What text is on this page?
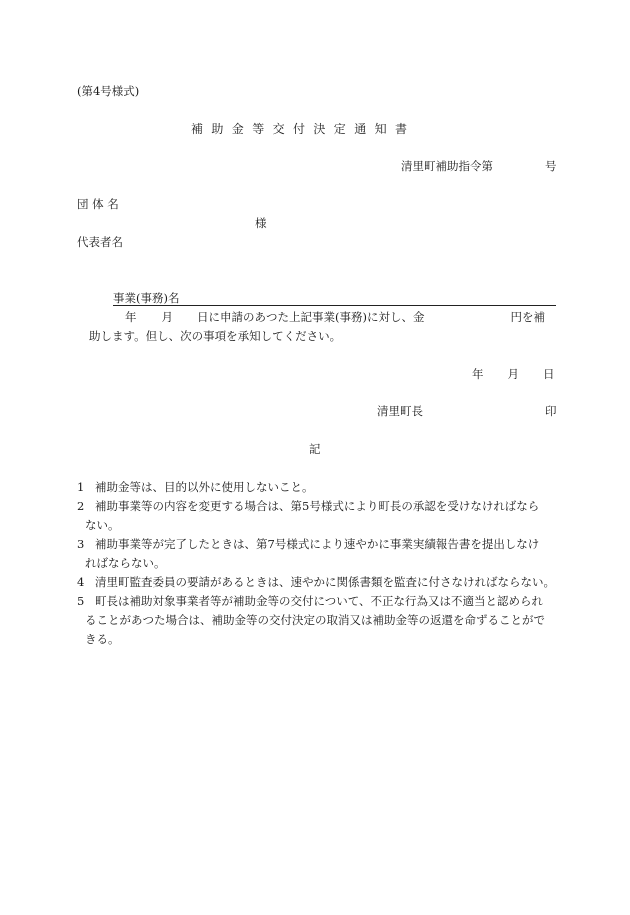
(第4号様式)
補助金等交付決定通知書
清里町補助指令第	号
団 体 名
様
代表者名
事業(事務)名
年 月 日に申請のあつた上記事業(事務)に対し、金	円を補
助します。但し、次の事項を承知してください。
年 月 日
清里町長	印
記
1 補助金等は、目的以外に使用しないこと。
2 補助事業等の内容を変更する場合は、第5号様式により町長の承認を受けなければなら
ない。
3 補助事業等が完了したときは、第7号様式により速やかに事業実績報告書を提出しなけ
ればならない。
4 清里町監査委員の要請があるときは、速やかに関係書類を監査に付さなければならない。
5 町長は補助対象事業者等が補助金等の交付について、不正な行為又は不適当と認められ
ることがあつた場合は、補助金等の交付決定の取消又は補助金等の返還を命ずることがで
きる。
